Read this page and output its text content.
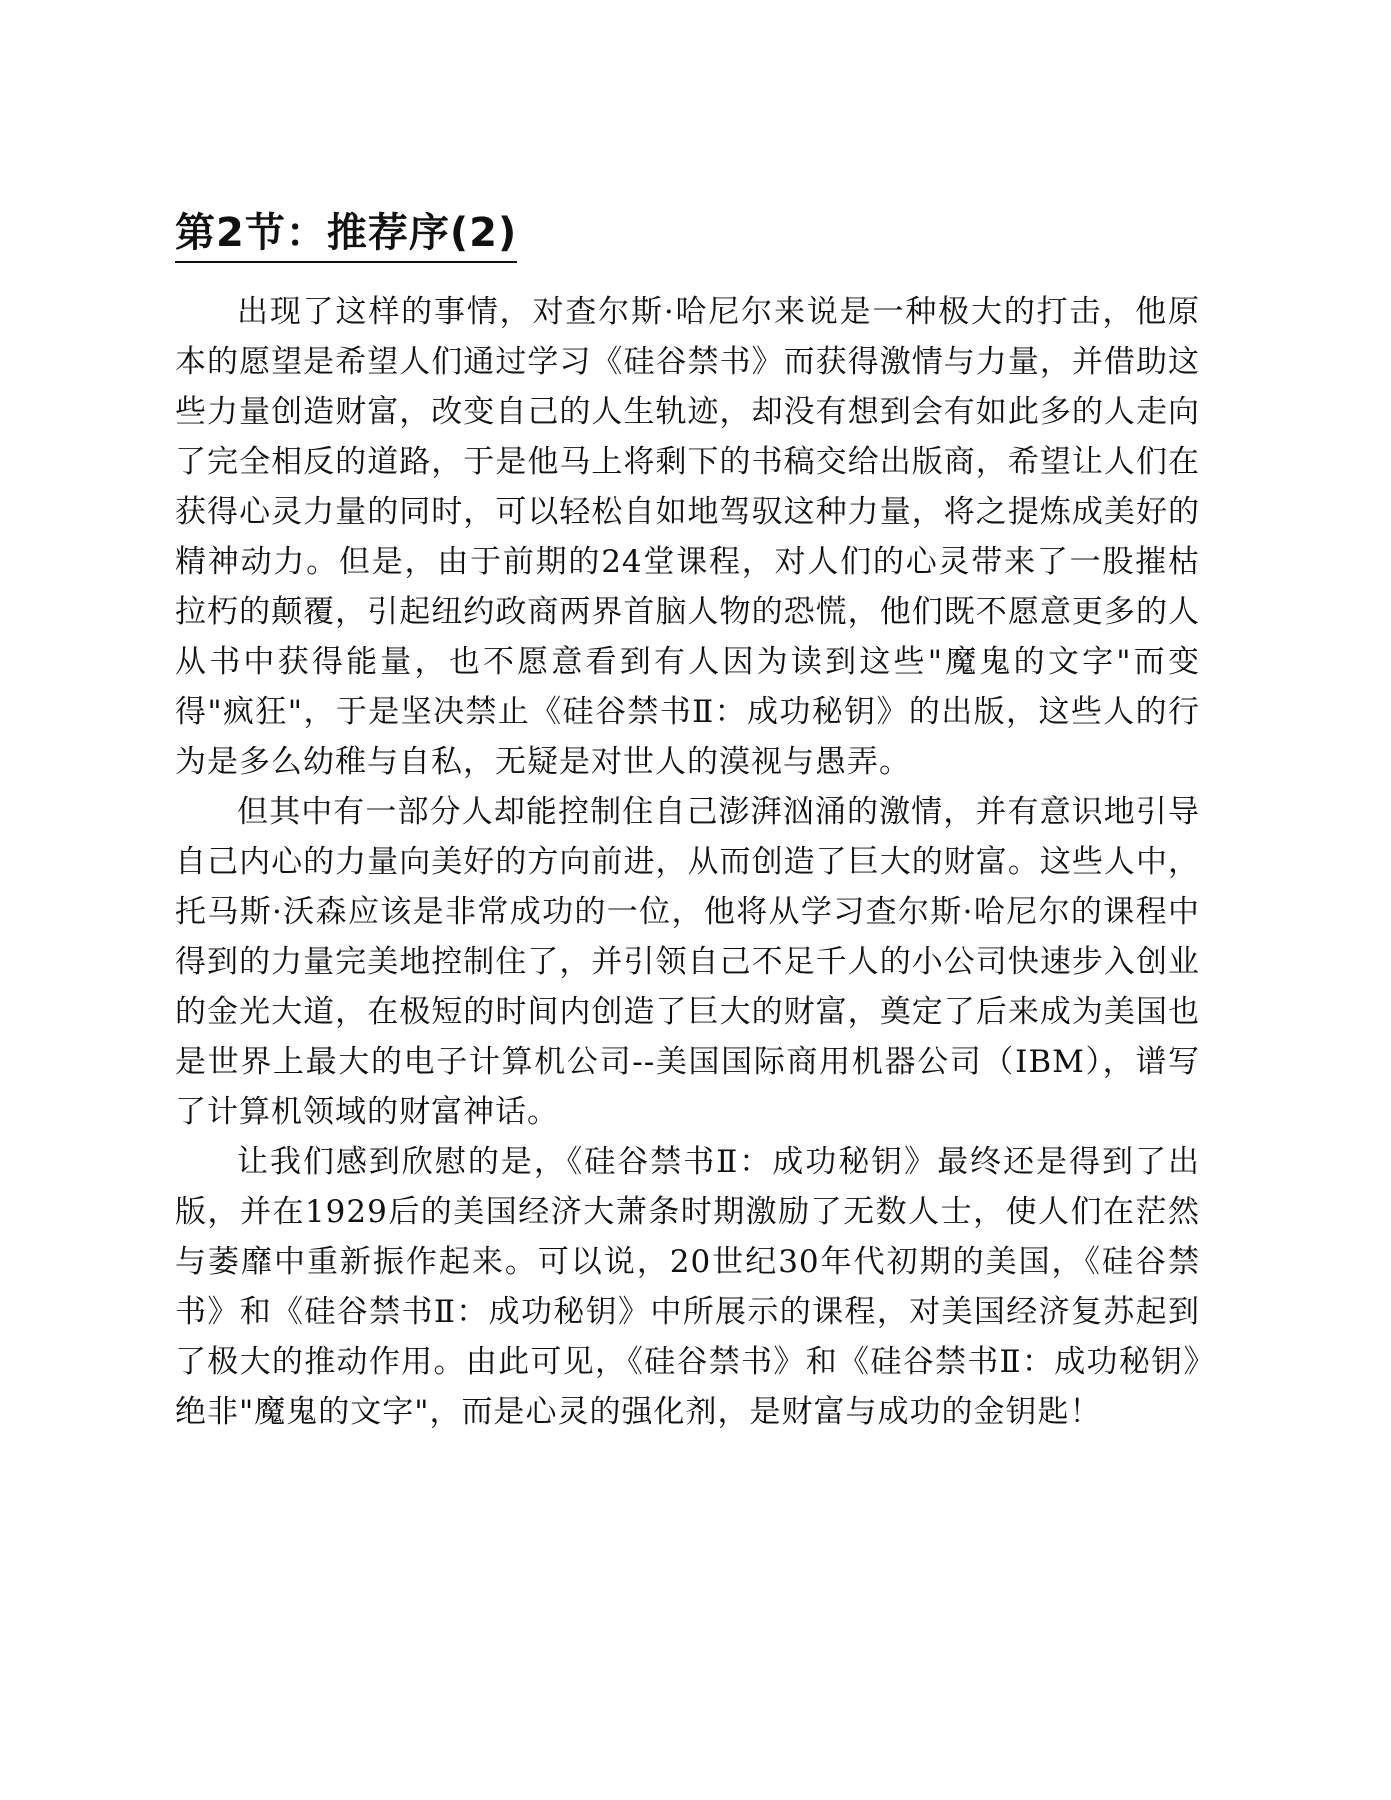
第2节：推荐序(2)

出现了这样的事情，对查尔斯·哈尼尔来说是一种极大的打击，他原本的愿望是希望人们通过学习《硅谷禁书》而获得激情与力量，并借助这些力量创造财富，改变自己的人生轨迹，却没有想到会有如此多的人走向了完全相反的道路，于是他马上将剩下的书稿交给出版商，希望让人们在获得心灵力量的同时，可以轻松自如地驾驭这种力量，将之提炼成美好的精神动力。但是，由于前期的24堂课程，对人们的心灵带来了一股摧枯拉朽的颠覆，引起纽约政商两界首脑人物的恐慌，他们既不愿意更多的人从书中获得能量，也不愿意看到有人因为读到这些"魔鬼的文字"而变得"疯狂"，于是坚决禁止《硅谷禁书Ⅱ：成功秘钥》的出版，这些人的行为是多么幼稚与自私，无疑是对世人的漠视与愚弄。

但其中有一部分人却能控制住自己澎湃汹涌的激情，并有意识地引导自己内心的力量向美好的方向前进，从而创造了巨大的财富。这些人中，托马斯·沃森应该是非常成功的一位，他将从学习查尔斯·哈尼尔的课程中得到的力量完美地控制住了，并引领自己不足千人的小公司快速步入创业的金光大道，在极短的时间内创造了巨大的财富，奠定了后来成为美国也是世界上最大的电子计算机公司--美国国际商用机器公司（IBM），谱写了计算机领域的财富神话。

让我们感到欣慰的是，《硅谷禁书Ⅱ：成功秘钥》最终还是得到了出版，并在1929后的美国经济大萧条时期激励了无数人士，使人们在茫然与萎靡中重新振作起来。可以说，20世纪30年代初期的美国，《硅谷禁书》和《硅谷禁书Ⅱ：成功秘钥》中所展示的课程，对美国经济复苏起到了极大的推动作用。由此可见，《硅谷禁书》和《硅谷禁书Ⅱ：成功秘钥》绝非"魔鬼的文字"，而是心灵的强化剂，是财富与成功的金钥匙！
